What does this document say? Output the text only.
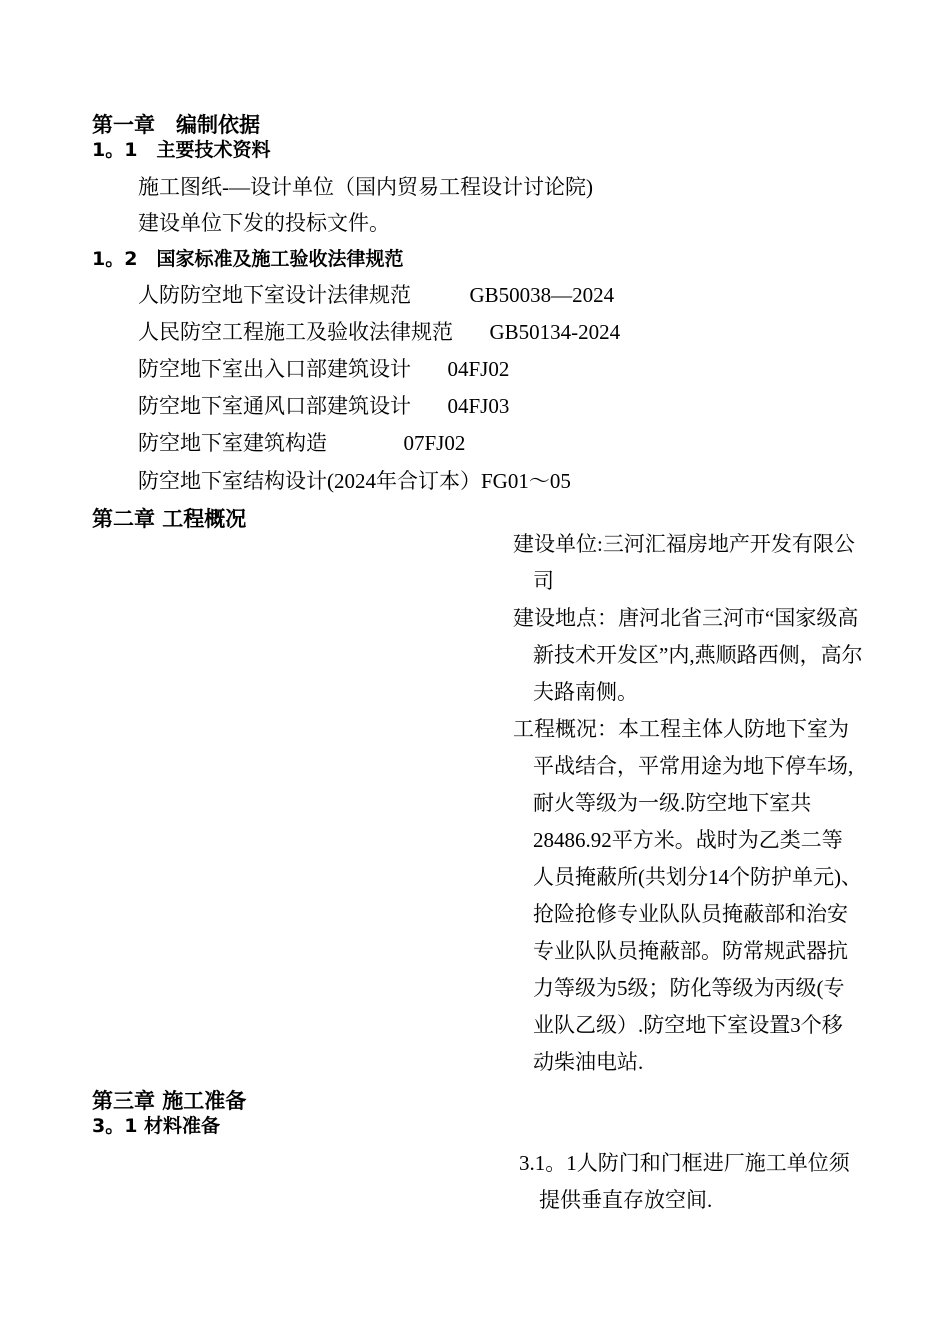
第一章　编制依据
1。1　主要技术资料
施工图纸-—设计单位（国内贸易工程设计讨论院)
建设单位下发的投标文件。
1。2　国家标准及施工验收法律规范
人防防空地下室设计法律规范	GB50038—2024
人民防空工程施工及验收法律规范 GB50134-2024
防空地下室出入口部建筑设计 04FJ02
防空地下室通风口部建筑设计 04FJ03
防空地下室建筑构造	07FJ02
防空地下室结构设计(2024年合订本）FG01～05
第二章 工程概况

建设单位:三河汇福房地产开发有限公司

建设地点：唐河北省三河市“国家级高新技术开发区”内,燕顺路西侧，高尔夫路南侧。

工程概况：本工程主体人防地下室为平战结合，平常用途为地下停车场,耐火等级为一级.防空地下室共28486.92平方米。战时为乙类二等人员掩蔽所(共划分14个防护单元)、抢险抢修专业队队员掩蔽部和治安专业队队员掩蔽部。防常规武器抗力等级为5级；防化等级为丙级(专业队乙级）.防空地下室设置3个移动柴油电站.

第三章 施工准备
3。1 材料准备

3.1。1人防门和门框进厂施工单位须提供垂直存放空间.
